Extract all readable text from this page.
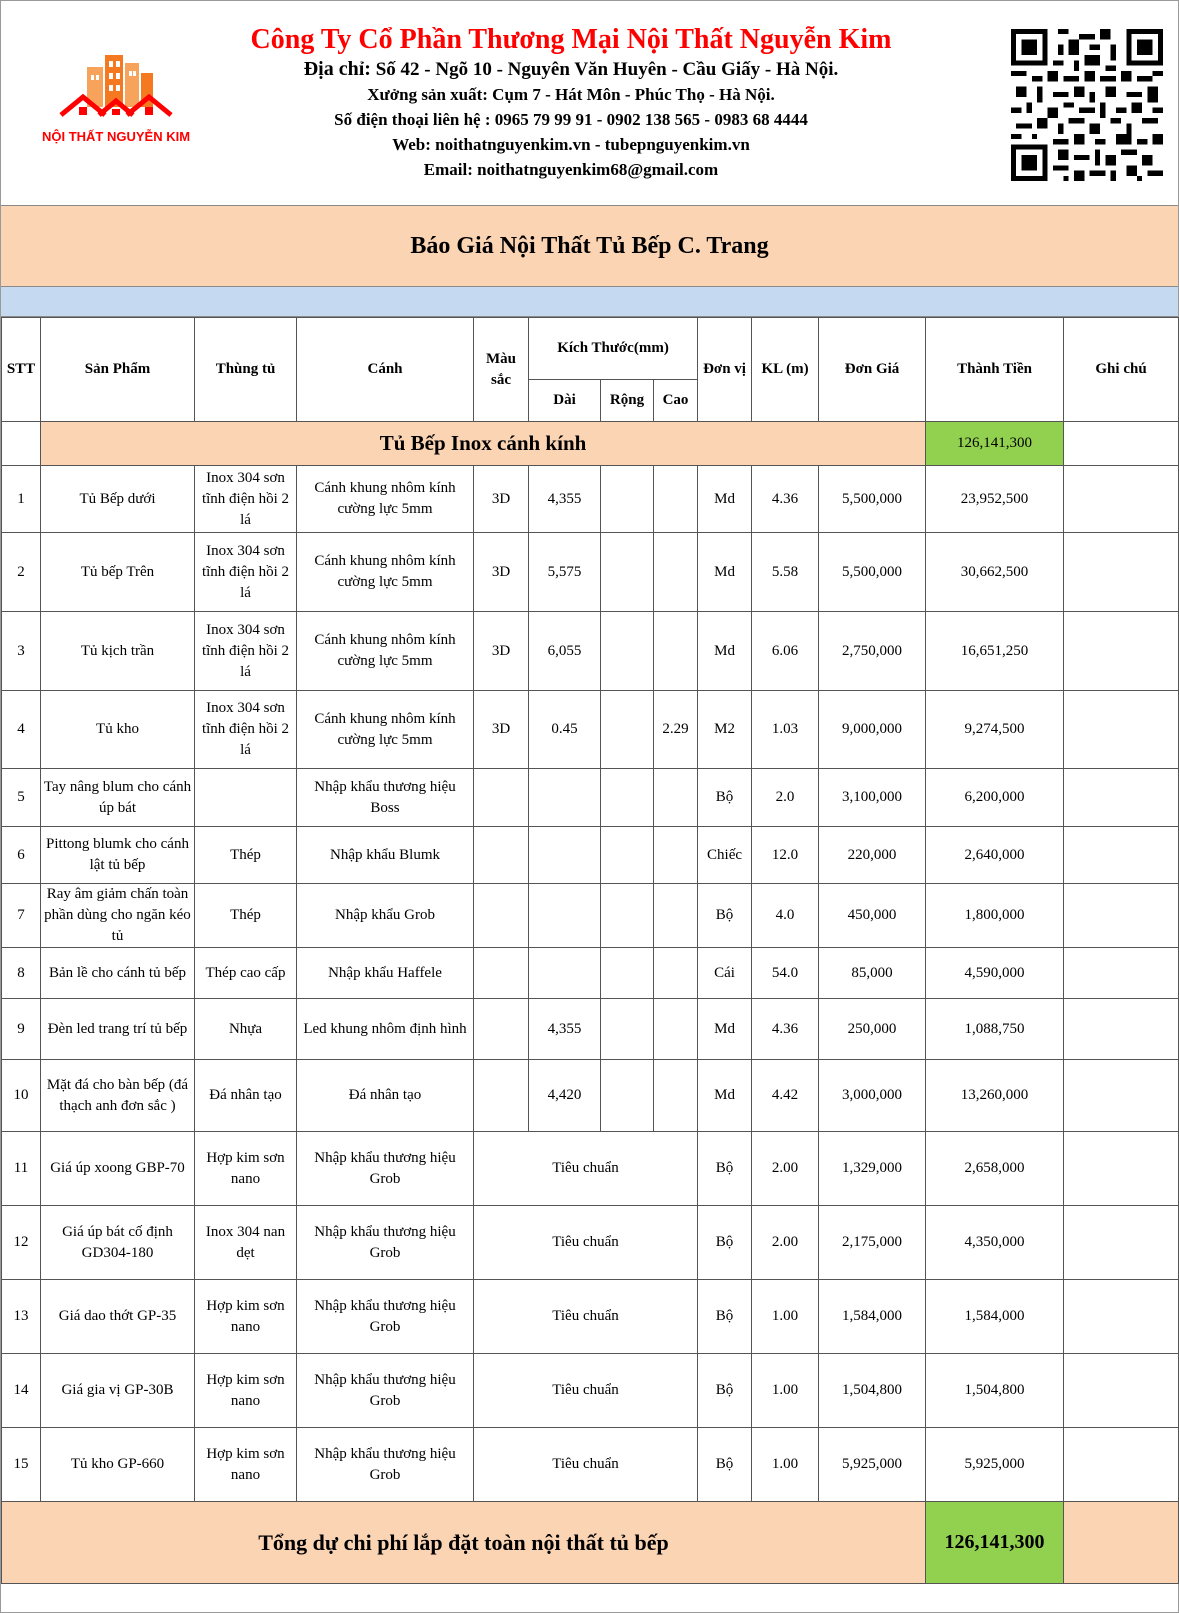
NỘI THẤT NGUYỄN KIM
Công Ty Cổ Phần Thương Mại Nội Thất Nguyễn Kim
Địa chỉ: Số 42 - Ngõ 10 - Nguyên Văn Huyên - Cầu Giấy - Hà Nội.
Xưởng sản xuất: Cụm 7 - Hát Môn - Phúc Thọ - Hà Nội.
Số điện thoại liên hệ : 0965 79 99 91 - 0902 138 565 - 0983 68 4444
Web: noithatnguyenkim.vn - tubepnguyenkim.vn
Email: noithatnguyenkim68@gmail.com
Báo Giá Nội Thất Tủ Bếp C. Trang
STT	Sản Phẩm	Thùng tủ	Cánh	Màu sắc	Kích Thước(mm)			Đơn vị	KL (m)	Đơn Giá	Thành Tiền	Ghi chú
					Dài	Rộng	Cao					
	Tủ Bếp Inox cánh kính										126,141,300	
1	Tủ Bếp dưới	Inox 304 sơn tĩnh điện hồi 2 lá	Cánh khung nhôm kính cường lực 5mm	3D	4,355			Md	4.36	5,500,000	23,952,500	
2	Tủ bếp Trên	Inox 304 sơn tĩnh điện hồi 2 lá	Cánh khung nhôm kính cường lực 5mm	3D	5,575			Md	5.58	5,500,000	30,662,500	
3	Tủ kịch trần	Inox 304 sơn tĩnh điện hồi 2 lá	Cánh khung nhôm kính cường lực 5mm	3D	6,055			Md	6.06	2,750,000	16,651,250	
4	Tủ kho	Inox 304 sơn tĩnh điện hồi 2 lá	Cánh khung nhôm kính cường lực 5mm	3D	0.45		2.29	M2	1.03	9,000,000	9,274,500	
5	Tay nâng blum cho cánh úp bát		Nhập khẩu thương hiệu Boss					Bộ	2.0	3,100,000	6,200,000	
6	Pittong blumk cho cánh lật tủ bếp	Thép	Nhập khẩu Blumk					Chiếc	12.0	220,000	2,640,000	
7	Ray âm giảm chấn toàn phần dùng cho ngăn kéo tủ	Thép	Nhập khẩu Grob					Bộ	4.0	450,000	1,800,000	
8	Bản lề cho cánh tủ bếp	Thép cao cấp	Nhập khẩu Haffele					Cái	54.0	85,000	4,590,000	
9	Đèn led trang trí tủ bếp	Nhựa	Led khung nhôm định hình		4,355			Md	4.36	250,000	1,088,750	
10	Mặt đá cho bàn bếp (đá thạch anh đơn sắc )	Đá nhân tạo	Đá nhân tạo		4,420			Md	4.42	3,000,000	13,260,000	
11	Giá úp xoong GBP-70	Hợp kim sơn nano	Nhập khẩu thương hiệu Grob	Tiêu chuẩn				Bộ	2.00	1,329,000	2,658,000	
12	Giá úp bát cố định GD304-180	Inox 304 nan dẹt	Nhập khẩu thương hiệu Grob	Tiêu chuẩn				Bộ	2.00	2,175,000	4,350,000	
13	Giá dao thớt GP-35	Hợp kim sơn nano	Nhập khẩu thương hiệu Grob	Tiêu chuẩn				Bộ	1.00	1,584,000	1,584,000	
14	Giá gia vị GP-30B	Hợp kim sơn nano	Nhập khẩu thương hiệu Grob	Tiêu chuẩn				Bộ	1.00	1,504,800	1,504,800	
15	Tủ kho GP-660	Hợp kim sơn nano	Nhập khẩu thương hiệu Grob	Tiêu chuẩn				Bộ	1.00	5,925,000	5,925,000	
Tổng dự chi phí lắp đặt toàn nội thất tủ bếp											126,141,300	
